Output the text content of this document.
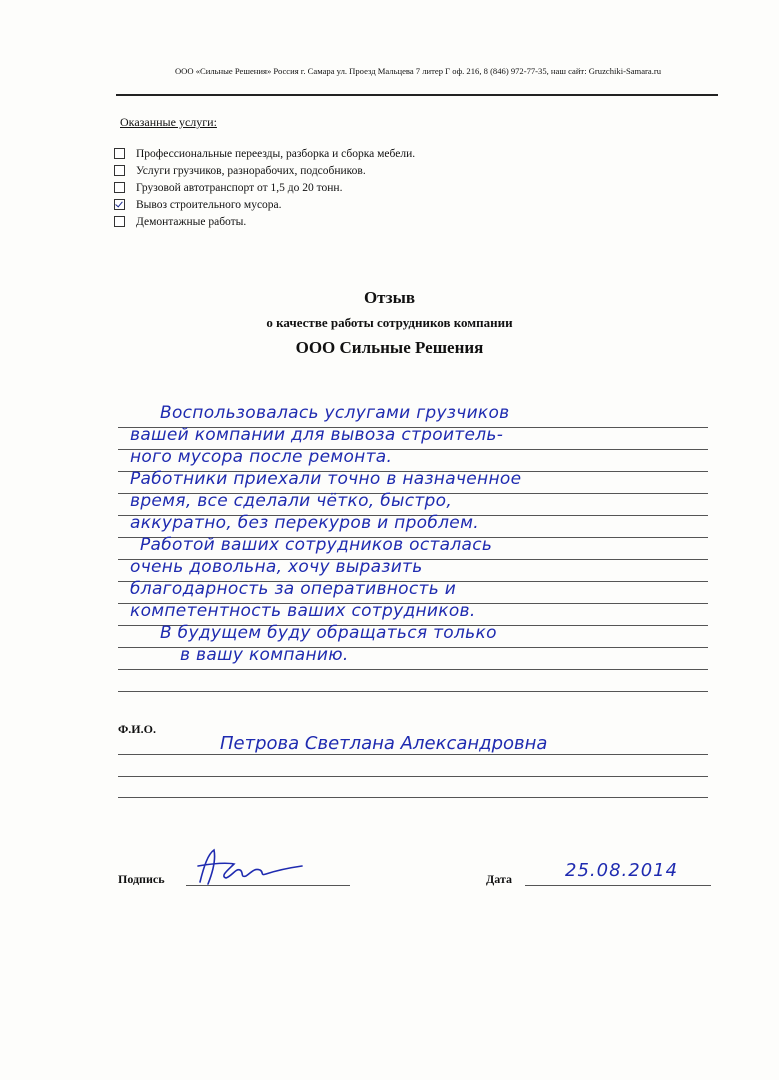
ООО «Сильные Решения» Россия г. Самара ул. Проезд Мальцева 7 литер Г оф. 216, 8 (846) 972-77-35, наш сайт: Gruzchiki-Samara.ru
Оказанные услуги:
Профессиональные переезды, разборка и сборка мебели.
Услуги грузчиков, разнорабочих, подсобников.
Грузовой автотранспорт от 1,5 до 20 тонн.
Вывоз строительного мусора.
Демонтажные работы.
Отзыв
о качестве работы сотрудников компании
ООО Сильные Решения
Воспользовалась услугами грузчиков
вашей компании для вывоза строитель-
ного мусора после ремонта.
Работники приехали точно в назначенное
время, все сделали чётко, быстро,
аккуратно, без перекуров и проблем.
Работой ваших сотрудников осталась
очень довольна, хочу выразить
благодарность за оперативность и
компетентность ваших сотрудников.
В будущем буду обращаться только
в вашу компанию.
Ф.И.О.
Петрова Светлана Александровна
Подпись	Дата	25.08.2014
